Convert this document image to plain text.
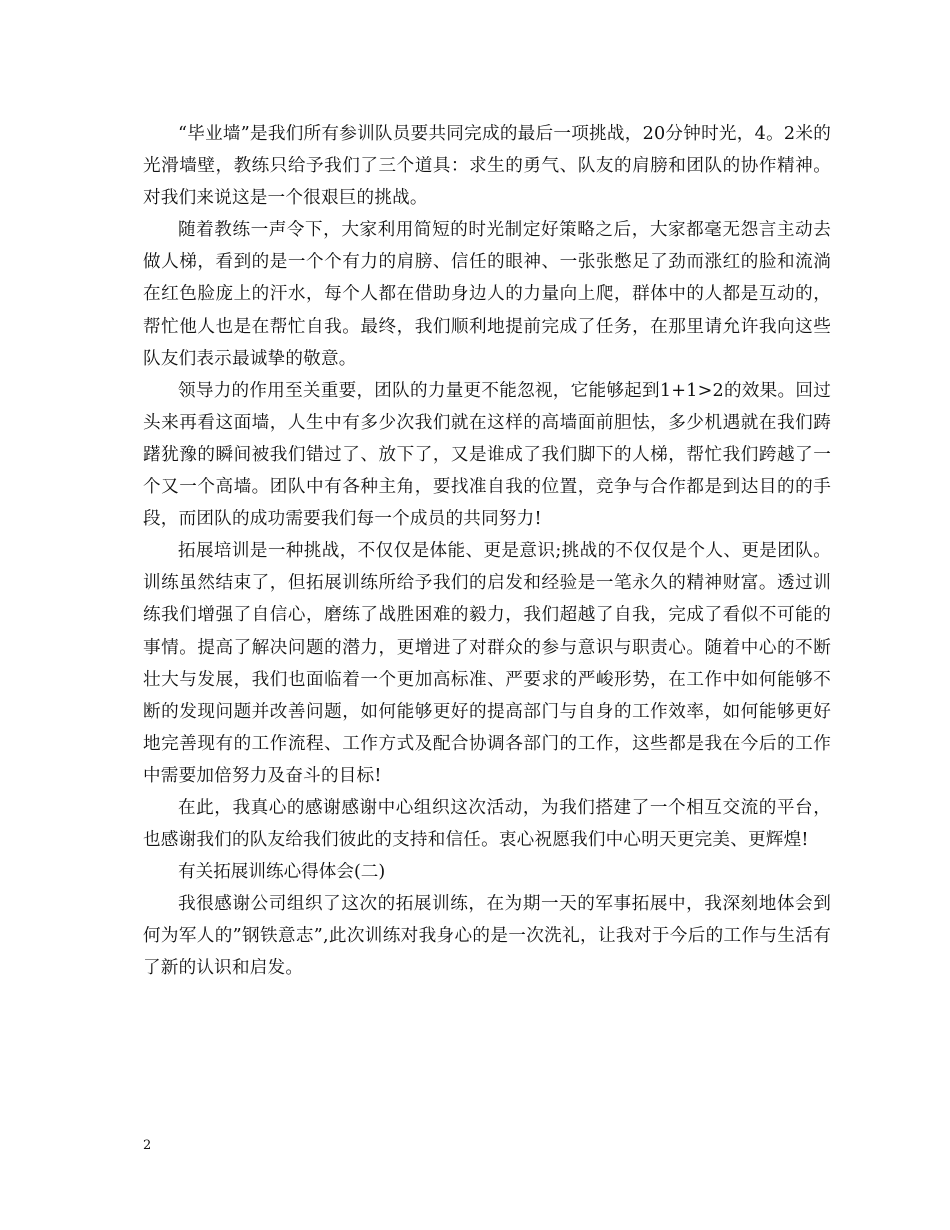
“毕业墙”是我们所有参训队员要共同完成的最后一项挑战，20分钟时光，4。2米的光滑墙壁，教练只给予我们了三个道具：求生的勇气、队友的肩膀和团队的协作精神。对我们来说这是一个很艰巨的挑战。

随着教练一声令下，大家利用简短的时光制定好策略之后，大家都毫无怨言主动去做人梯，看到的是一个个有力的肩膀、信任的眼神、一张张憋足了劲而涨红的脸和流淌在红色脸庞上的汗水，每个人都在借助身边人的力量向上爬，群体中的人都是互动的，帮忙他人也是在帮忙自我。最终，我们顺利地提前完成了任务，在那里请允许我向这些队友们表示最诚挚的敬意。

领导力的作用至关重要，团队的力量更不能忽视，它能够起到1+1>2的效果。回过头来再看这面墙，人生中有多少次我们就在这样的高墙面前胆怯，多少机遇就在我们踌躇犹豫的瞬间被我们错过了、放下了，又是谁成了我们脚下的人梯，帮忙我们跨越了一个又一个高墙。团队中有各种主角，要找准自我的位置，竞争与合作都是到达目的的手段，而团队的成功需要我们每一个成员的共同努力!

拓展培训是一种挑战，不仅仅是体能、更是意识;挑战的不仅仅是个人、更是团队。训练虽然结束了，但拓展训练所给予我们的启发和经验是一笔永久的精神财富。透过训练我们增强了自信心，磨练了战胜困难的毅力，我们超越了自我，完成了看似不可能的事情。提高了解决问题的潜力，更增进了对群众的参与意识与职责心。随着中心的不断壮大与发展，我们也面临着一个更加高标准、严要求的严峻形势，在工作中如何能够不断的发现问题并改善问题，如何能够更好的提高部门与自身的工作效率，如何能够更好地完善现有的工作流程、工作方式及配合协调各部门的工作，这些都是我在今后的工作中需要加倍努力及奋斗的目标!

在此，我真心的感谢感谢中心组织这次活动，为我们搭建了一个相互交流的平台，也感谢我们的队友给我们彼此的支持和信任。衷心祝愿我们中心明天更完美、更辉煌!

有关拓展训练心得体会(二)

我很感谢公司组织了这次的拓展训练，在为期一天的军事拓展中，我深刻地体会到何为军人的”钢铁意志”,此次训练对我身心的是一次洗礼，让我对于今后的工作与生活有了新的认识和启发。

2
